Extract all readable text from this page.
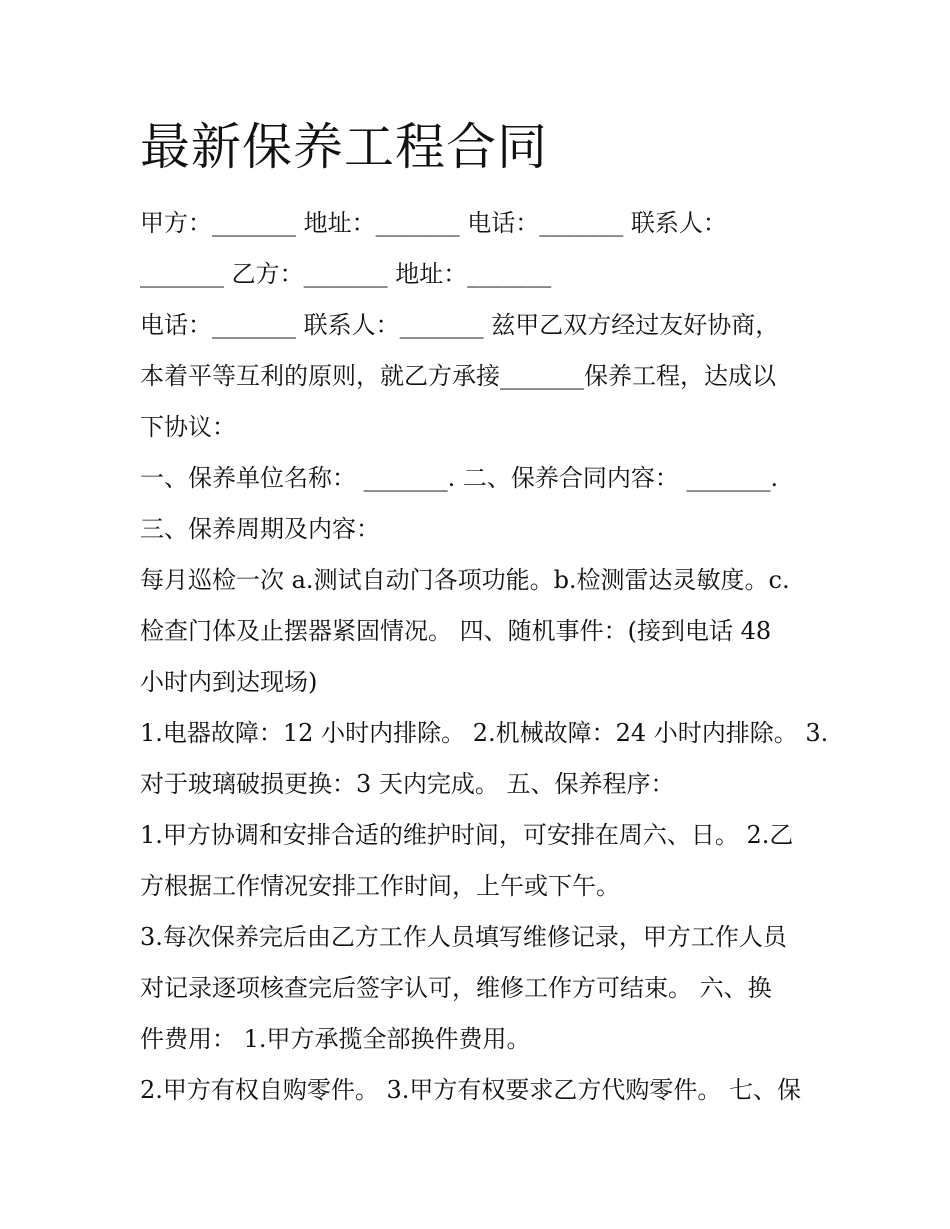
最新保养工程合同
甲方：_______ 地址：_______ 电话：_______ 联系人：
_______ 乙方：_______ 地址：_______
电话：_______ 联系人：_______ 兹甲乙双方经过友好协商，
本着平等互利的原则，就乙方承接_______保养工程，达成以
下协议：
一、保养单位名称： _______. 二、保养合同内容： _______.
三、保养周期及内容：
每月巡检一次 a.测试自动门各项功能。b.检测雷达灵敏度。c.
检查门体及止摆器紧固情况。 四、随机事件：(接到电话 48
小时内到达现场)
1.电器故障：12 小时内排除。 2.机械故障：24 小时内排除。 3.
对于玻璃破损更换：3 天内完成。 五、保养程序：
1.甲方协调和安排合适的维护时间，可安排在周六、日。 2.乙
方根据工作情况安排工作时间，上午或下午。
3.每次保养完后由乙方工作人员填写维修记录，甲方工作人员
对记录逐项核查完后签字认可，维修工作方可结束。 六、换
件费用： 1.甲方承揽全部换件费用。
2.甲方有权自购零件。 3.甲方有权要求乙方代购零件。 七、保
